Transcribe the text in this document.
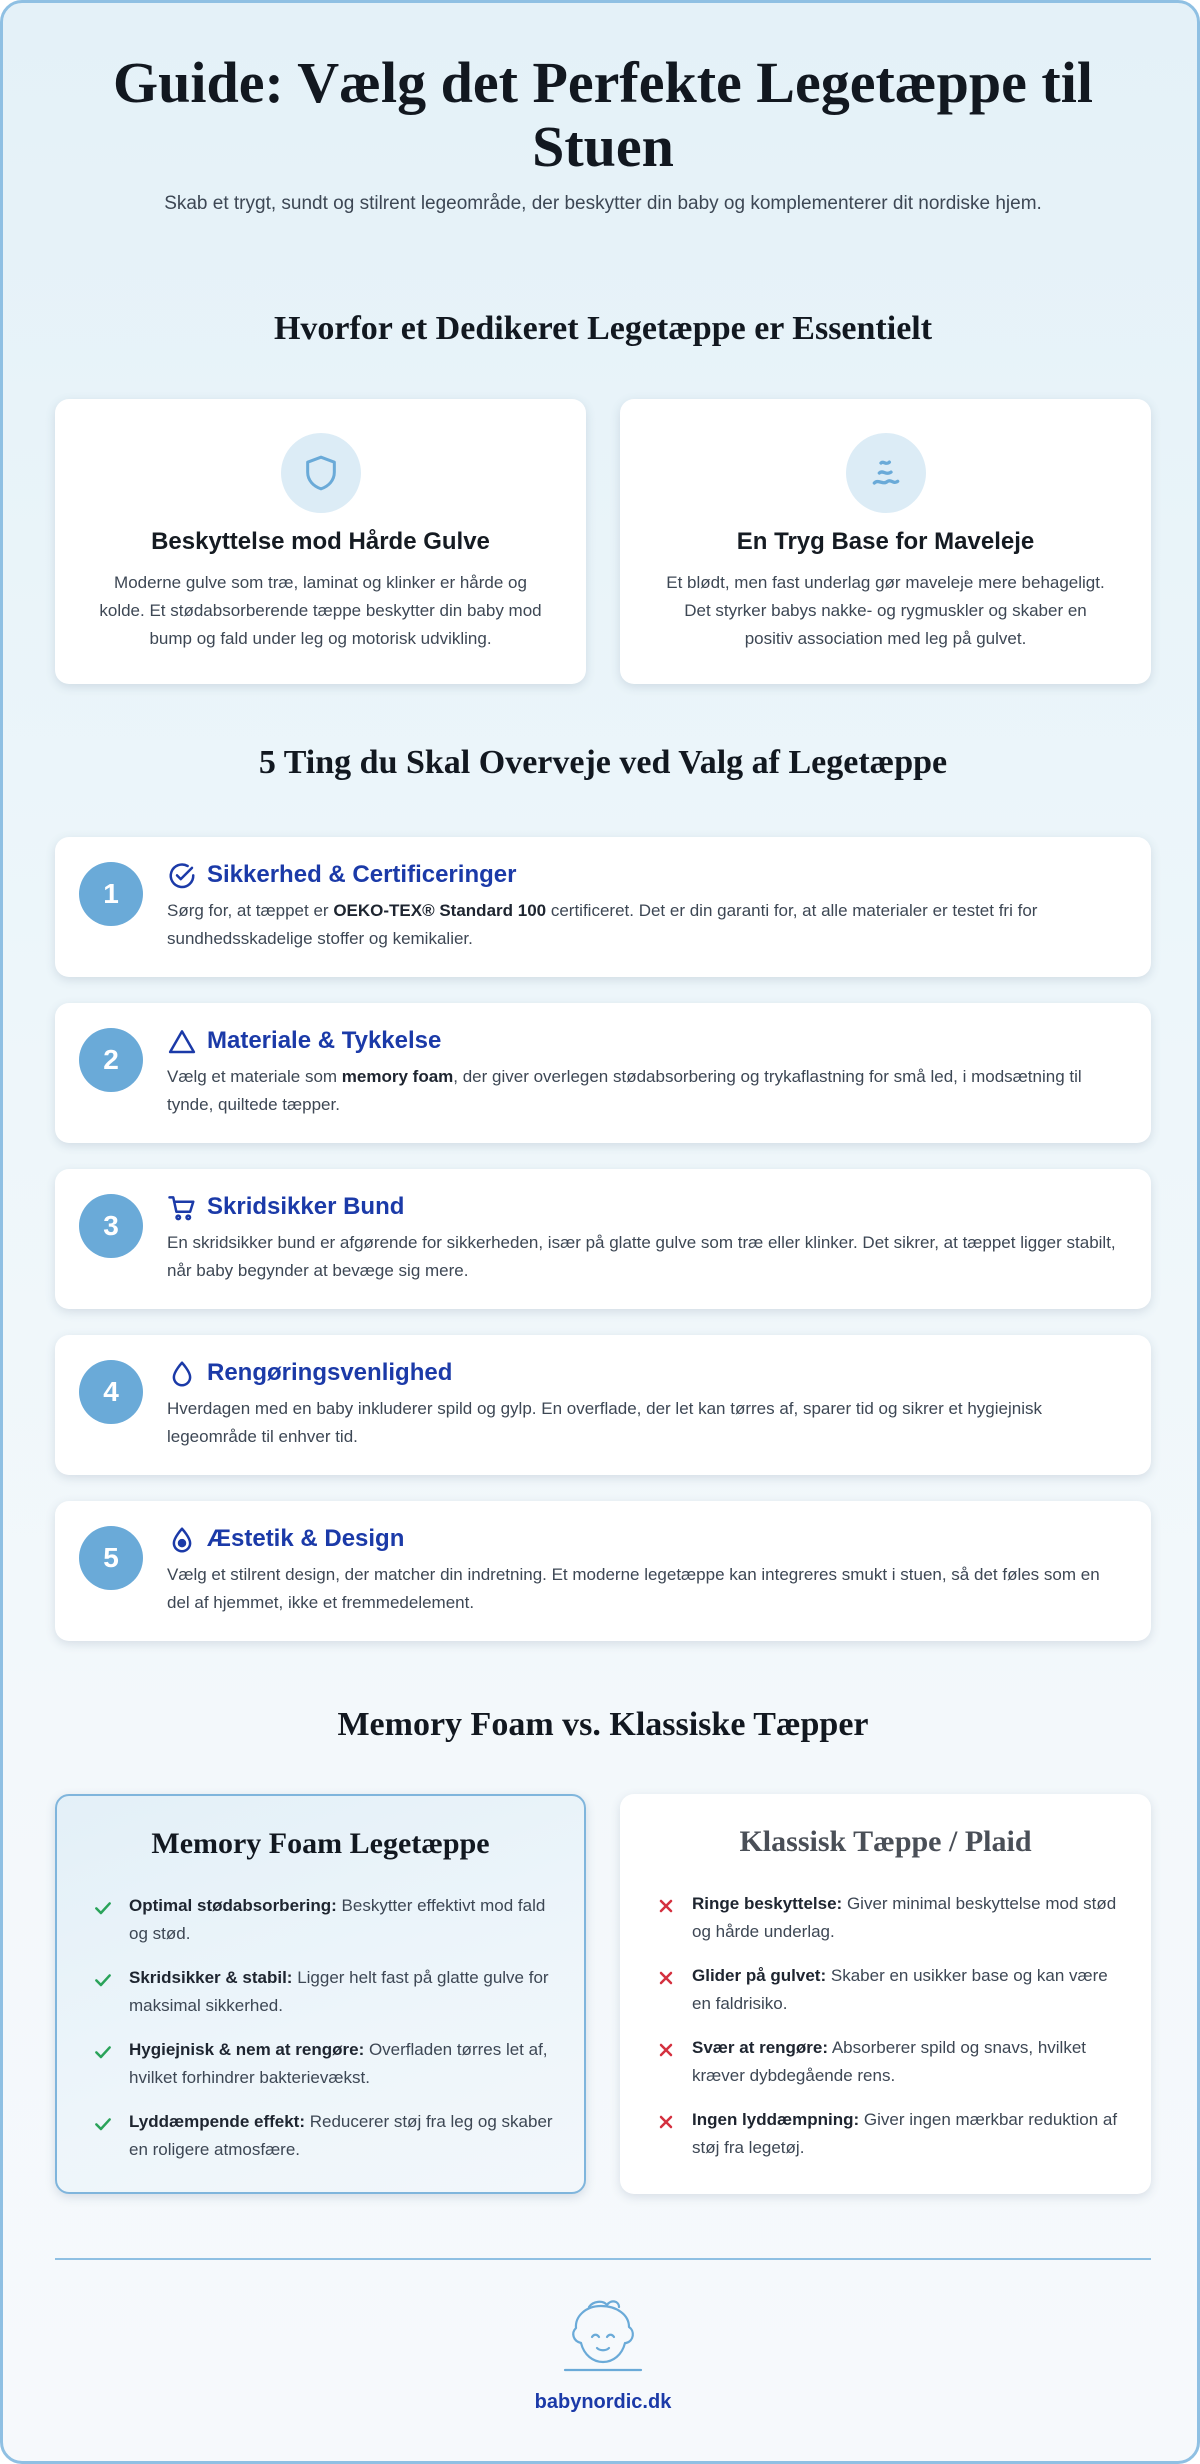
Guide: Vælg det Perfekte Legetæppe til Stuen

Skab et trygt, sundt og stilrent legeområde, der beskytter din baby og komplementerer dit nordiske hjem.

Hvorfor et Dedikeret Legetæppe er Essentielt
Beskyttelse mod Hårde Gulve
Moderne gulve som træ, laminat og klinker er hårde og kolde. Et stødabsorberende tæppe beskytter din baby mod bump og fald under leg og motorisk udvikling.
En Tryg Base for Maveleje
Et blødt, men fast underlag gør maveleje mere behageligt. Det styrker babys nakke- og rygmuskler og skaber en positiv association med leg på gulvet.
5 Ting du Skal Overveje ved Valg af Legetæppe
1
Sikkerhed & Certificeringer
Sørg for, at tæppet er OEKO-TEX® Standard 100 certificeret. Det er din garanti for, at alle materialer er testet fri for sundhedsskadelige stoffer og kemikalier.
2
Materiale & Tykkelse
Vælg et materiale som memory foam, der giver overlegen stødabsorbering og trykaflastning for små led, i modsætning til tynde, quiltede tæpper.
3
Skridsikker Bund
En skridsikker bund er afgørende for sikkerheden, især på glatte gulve som træ eller klinker. Det sikrer, at tæppet ligger stabilt, når baby begynder at bevæge sig mere.
4
Rengøringsvenlighed
Hverdagen med en baby inkluderer spild og gylp. En overflade, der let kan tørres af, sparer tid og sikrer et hygiejnisk legeområde til enhver tid.
5
Æstetik & Design
Vælg et stilrent design, der matcher din indretning. Et moderne legetæppe kan integreres smukt i stuen, så det føles som en del af hjemmet, ikke et fremmedelement.
Memory Foam vs. Klassiske Tæpper
Memory Foam Legetæppe
Optimal stødabsorbering: Beskytter effektivt mod fald og stød.
Skridsikker & stabil: Ligger helt fast på glatte gulve for maksimal sikkerhed.
Hygiejnisk & nem at rengøre: Overfladen tørres let af, hvilket forhindrer bakterievækst.
Lyddæmpende effekt: Reducerer støj fra leg og skaber en roligere atmosfære.
Klassisk Tæppe / Plaid
Ringe beskyttelse: Giver minimal beskyttelse mod stød og hårde underlag.
Glider på gulvet: Skaber en usikker base og kan være en faldrisiko.
Svær at rengøre: Absorberer spild og snavs, hvilket kræver dybdegående rens.
Ingen lyddæmpning: Giver ingen mærkbar reduktion af støj fra legetøj.
babynordic.dk
